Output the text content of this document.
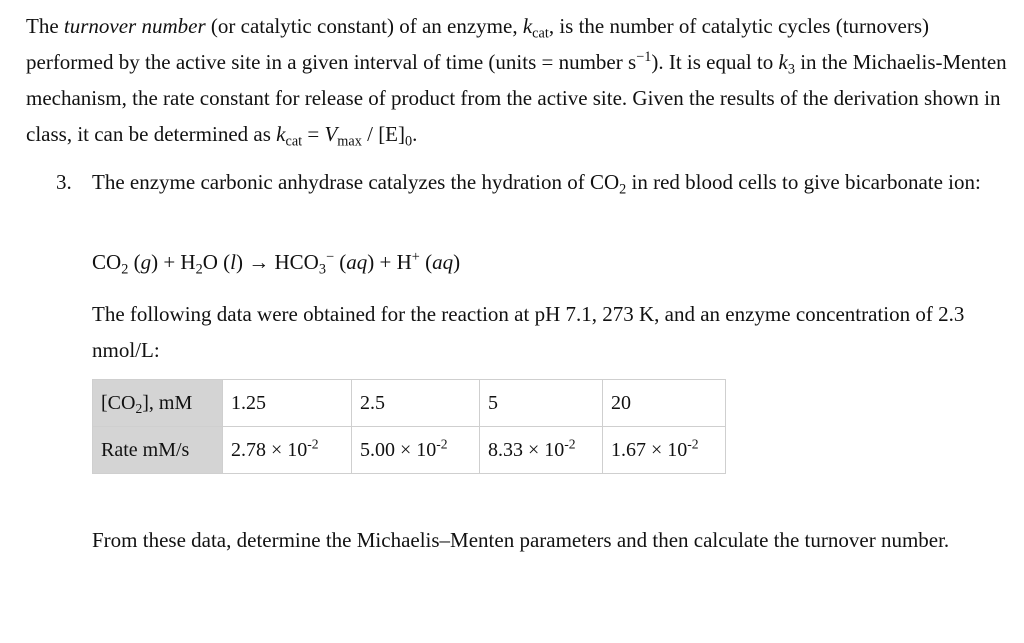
The turnover number (or catalytic constant) of an enzyme, $k_{cat}$, is the number of catalytic cycles (turnovers) performed by the active site in a given interval of time (units = number $s^{-1}$). It is equal to $k_3$ in the Michaelis-Menten mechanism, the rate constant for release of product from the active site. Given the results of the derivation shown in class, it can be determined as $k_{cat} = V_{max} / [E]_0$.
3. The enzyme carbonic anhydrase catalyzes the hydration of $CO_2$ in red blood cells to give bicarbonate ion:
$CO_2$ $(g) + H_2O$ $(l) \to HCO_3^-$ (aq) + H+ (aq)
The following data were obtained for the reaction at pH 7.1, 273 K, and an enzyme concentration of 2.3 nmol/L:
$[CO_2]$, mM	1.25	2.5	5	20
Rate mM/s	$2.78 \times 10^{-2}$	$5.00 \times 10^{-2}$	$8.33 \times 10^{-2}$	$1.67 \times 10^{-2}$
From these data, determine the Michaelis–Menten parameters and then calculate the turnover number.
